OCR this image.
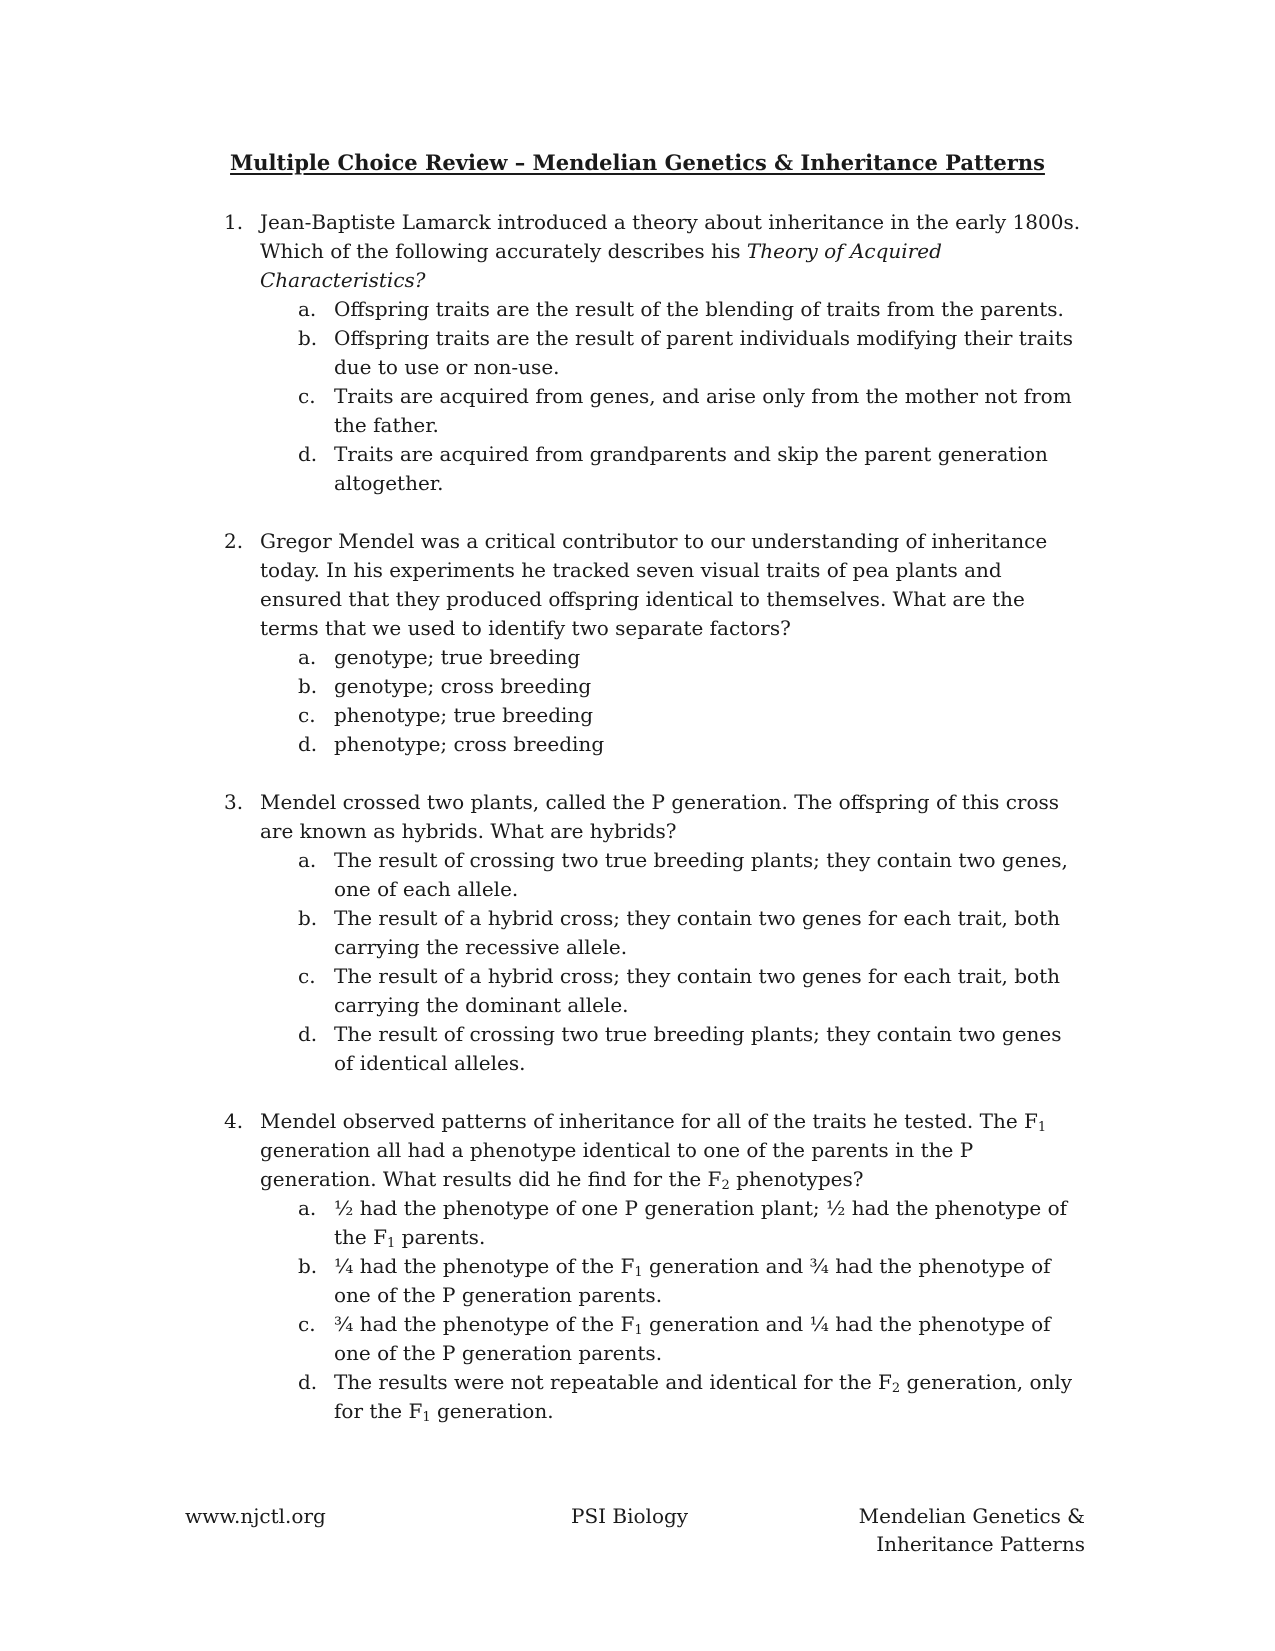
Multiple Choice Review – Mendelian Genetics & Inheritance Patterns
1. Jean-Baptiste Lamarck introduced a theory about inheritance in the early 1800s. Which of the following accurately describes his Theory of Acquired Characteristics?
a. Offspring traits are the result of the blending of traits from the parents.
b. Offspring traits are the result of parent individuals modifying their traits due to use or non-use.
c. Traits are acquired from genes, and arise only from the mother not from the father.
d. Traits are acquired from grandparents and skip the parent generation altogether.
2. Gregor Mendel was a critical contributor to our understanding of inheritance today. In his experiments he tracked seven visual traits of pea plants and ensured that they produced offspring identical to themselves. What are the terms that we used to identify two separate factors?
a. genotype; true breeding
b. genotype; cross breeding
c. phenotype; true breeding
d. phenotype; cross breeding
3. Mendel crossed two plants, called the P generation. The offspring of this cross are known as hybrids. What are hybrids?
a. The result of crossing two true breeding plants; they contain two genes, one of each allele.
b. The result of a hybrid cross; they contain two genes for each trait, both carrying the recessive allele.
c. The result of a hybrid cross; they contain two genes for each trait, both carrying the dominant allele.
d. The result of crossing two true breeding plants; they contain two genes of identical alleles.
4. Mendel observed patterns of inheritance for all of the traits he tested. The $F_1$ generation all had a phenotype identical to one of the parents in the P generation. What results did he find for the $F_2$ phenotypes?
a. ½ had the phenotype of one P generation plant; ½ had the phenotype of the $F_1$ parents.
b. ¼ had the phenotype of the $F_1$ generation and ¾ had the phenotype of one of the P generation parents.
c. ¾ had the phenotype of the $F_1$ generation and ¼ had the phenotype of one of the P generation parents.
d. The results were not repeatable and identical for the $F_2$ generation, only for the $F_1$ generation.
www.njctl.org	PSI Biology	Mendelian Genetics &
Inheritance Patterns
